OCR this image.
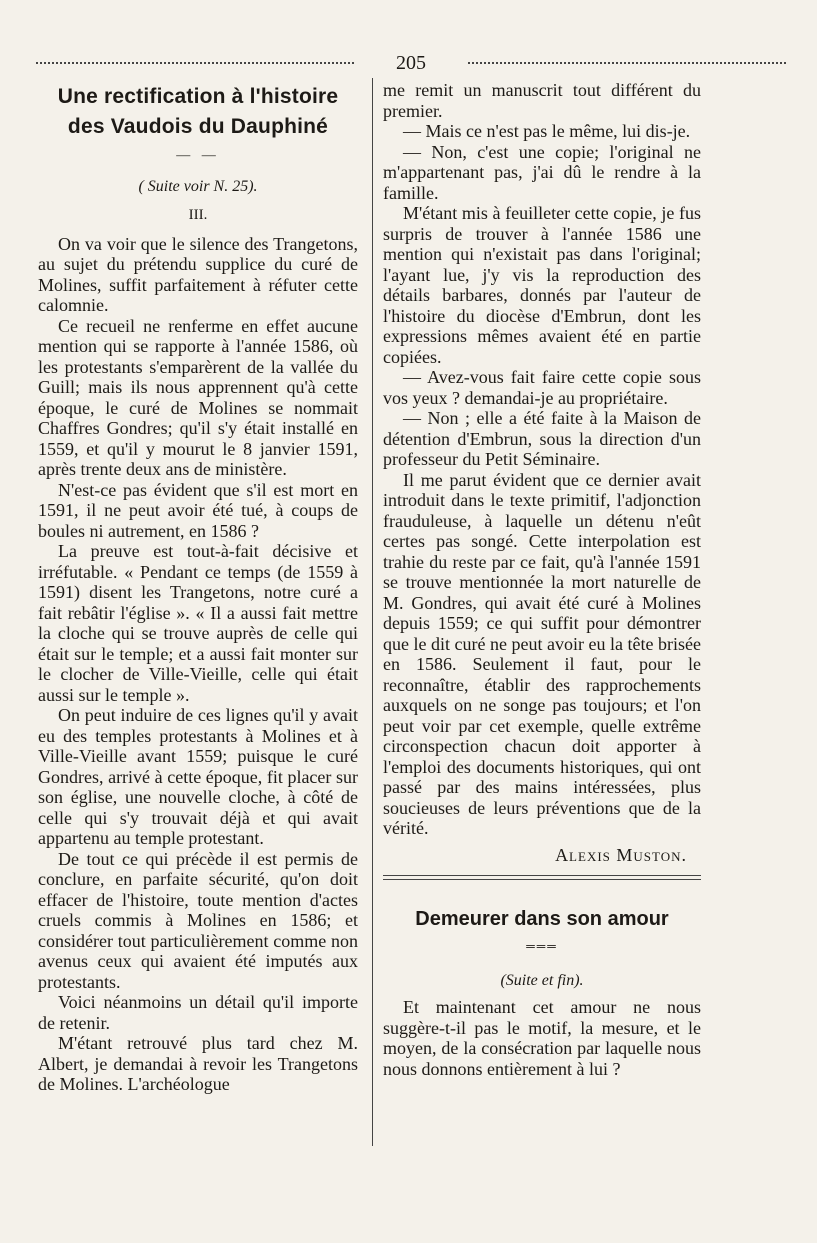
205
Une rectification à l'histoire
des Vaudois du Dauphiné
— —
( Suite voir N. 25).
III.

On va voir que le silence des Trangetons, au sujet du prétendu supplice du curé de Molines, suffit parfaitement à réfuter cette calomnie.

Ce recueil ne renferme en effet aucune mention qui se rapporte à l'année 1586, où les protestants s'emparèrent de la vallée du Guill; mais ils nous apprennent qu'à cette époque, le curé de Molines se nommait Chaffres Gondres; qu'il s'y était installé en 1559, et qu'il y mourut le 8 janvier 1591, après trente deux ans de ministère.

N'est-ce pas évident que s'il est mort en 1591, il ne peut avoir été tué, à coups de boules ni autrement, en 1586 ?

La preuve est tout-à-fait décisive et irréfutable. « Pendant ce temps (de 1559 à 1591) disent les Trangetons, notre curé a fait rebâtir l'église ». « Il a aussi fait mettre la cloche qui se trouve auprès de celle qui était sur le temple; et a aussi fait monter sur le clocher de Ville-Vieille, celle qui était aussi sur le temple ».

On peut induire de ces lignes qu'il y avait eu des temples protestants à Molines et à Ville-Vieille avant 1559; puisque le curé Gondres, arrivé à cette époque, fit placer sur son église, une nouvelle cloche, à côté de celle qui s'y trouvait déjà et qui avait appartenu au temple protestant.

De tout ce qui précède il est permis de conclure, en parfaite sécurité, qu'on doit effacer de l'histoire, toute mention d'actes cruels commis à Molines en 1586; et considérer tout particulièrement comme non avenus ceux qui avaient été imputés aux protestants.

Voici néanmoins un détail qu'il importe de retenir.

M'étant retrouvé plus tard chez M. Albert, je demandai à revoir les Trangetons de Molines. L'archéologue

me remit un manuscrit tout différent du premier.

— Mais ce n'est pas le même, lui dis-je.

— Non, c'est une copie; l'original ne m'appartenant pas, j'ai dû le rendre à la famille.

M'étant mis à feuilleter cette copie, je fus surpris de trouver à l'année 1586 une mention qui n'existait pas dans l'original; l'ayant lue, j'y vis la reproduction des détails barbares, donnés par l'auteur de l'histoire du diocèse d'Embrun, dont les expressions mêmes avaient été en partie copiées.

— Avez-vous fait faire cette copie sous vos yeux ? demandai-je au propriétaire.

— Non ; elle a été faite à la Maison de détention d'Embrun, sous la direction d'un professeur du Petit Séminaire.

Il me parut évident que ce dernier avait introduit dans le texte primitif, l'adjonction frauduleuse, à laquelle un détenu n'eût certes pas songé. Cette interpolation est trahie du reste par ce fait, qu'à l'année 1591 se trouve mentionnée la mort naturelle de M. Gondres, qui avait été curé à Molines depuis 1559; ce qui suffit pour démontrer que le dit curé ne peut avoir eu la tête brisée en 1586. Seulement il faut, pour le reconnaître, établir des rapprochements auxquels on ne songe pas toujours; et l'on peut voir par cet exemple, quelle extrême circonspection chacun doit apporter à l'emploi des documents historiques, qui ont passé par des mains intéressées, plus soucieuses de leurs préventions que de la vérité.

Alexis Muston.
Demeurer dans son amour
═══
(Suite et fin).

Et maintenant cet amour ne nous suggère-t-il pas le motif, la mesure, et le moyen, de la consécration par laquelle nous nous donnons entièrement à lui ?
